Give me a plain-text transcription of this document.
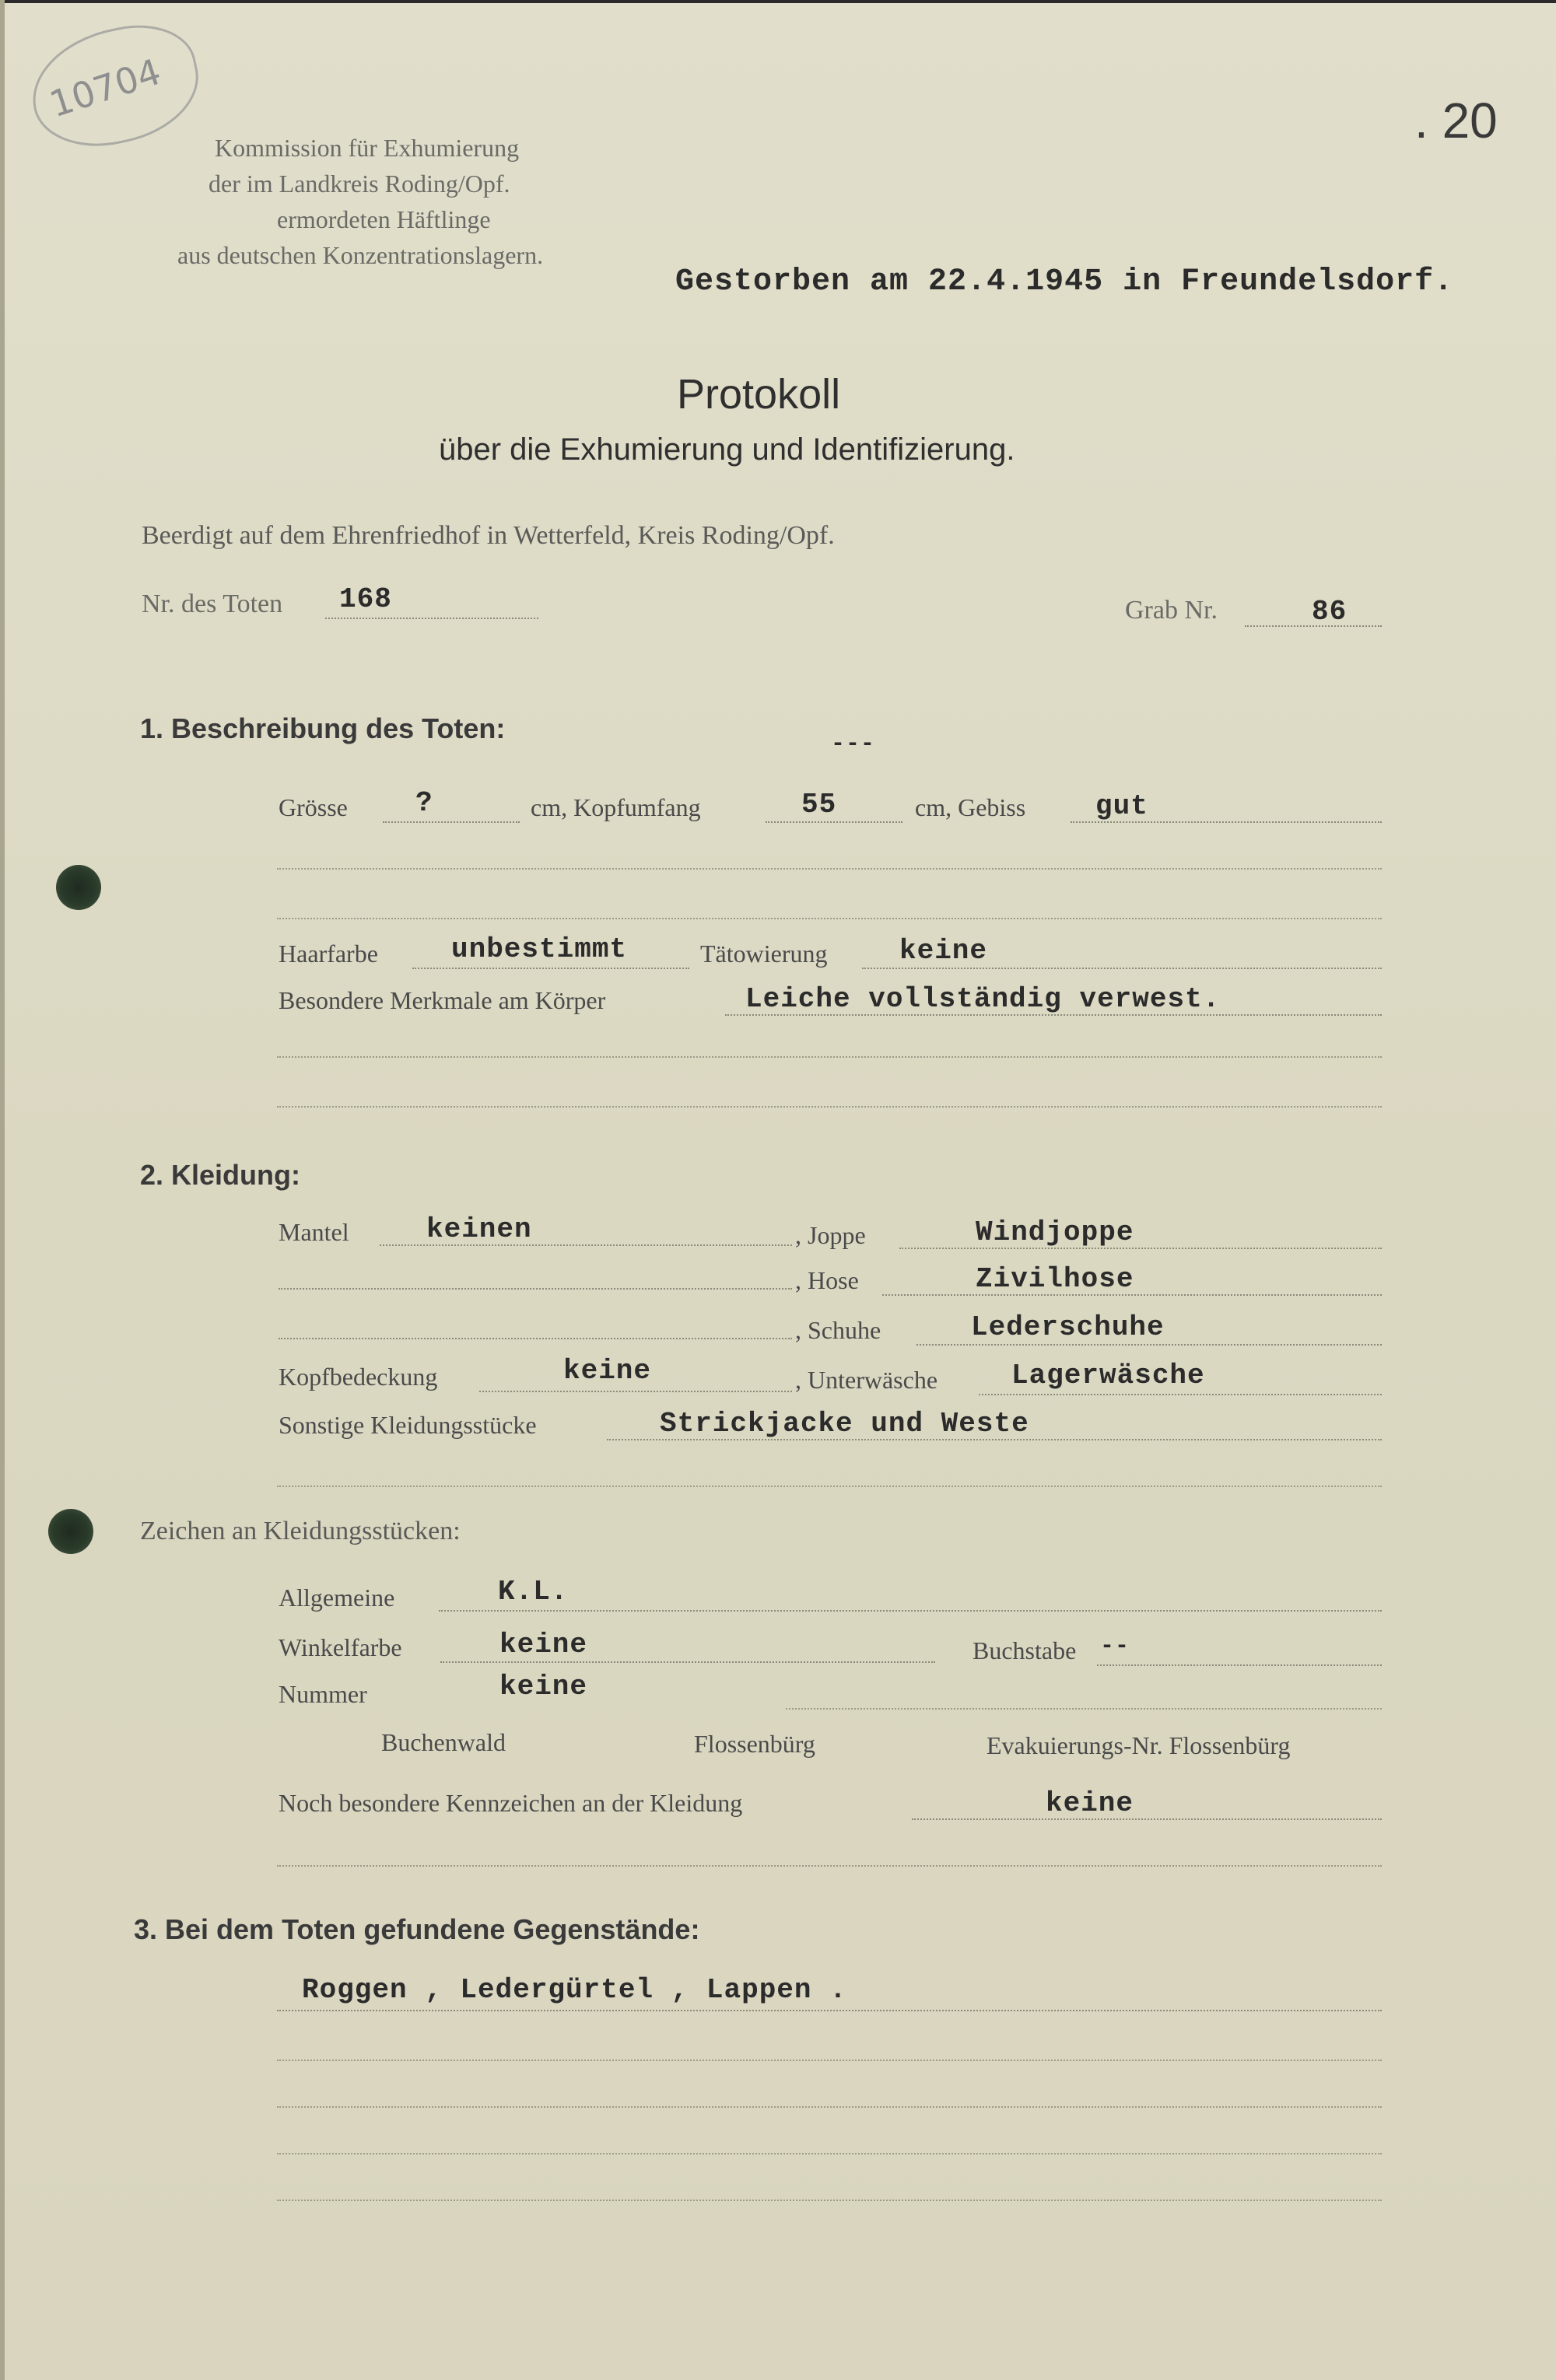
10704	. 20
Kommission für Exhumierung
der im Landkreis Roding/Opf.
ermordeten Häftlinge
aus deutschen Konzentrationslagern.
Gestorben am 22.4.1945 in Freundelsdorf.
Protokoll
über die Exhumierung und Identifizierung.
Beerdigt auf dem Ehrenfriedhof in Wetterfeld, Kreis Roding/Opf.
Nr. des Toten 168	Grab Nr.	86
1. Beschreibung des Toten:	---
Grösse ?	cm, Kopfumfang	55	cm, Gebiss gut
Haarfarbe	unbestimmt	Tätowierung	keine
Besondere Merkmale am Körper	Leiche vollständig verwest.
2. Kleidung:
Mantel	keinen	, Joppe	Windjoppe
, Hose	Zivilhose
, Schuhe	Lederschuhe
Kopfbedeckung	keine	, Unterwäsche	Lagerwäsche
Sonstige Kleidungsstücke	Strickjacke und Weste
Zeichen an Kleidungsstücken:
Allgemeine	K.L.
Winkelfarbe	keine	Buchstabe --
Nummer	keine
Buchenwald	Flossenbürg	Evakuierungs-Nr. Flossenbürg
Noch besondere Kennzeichen an der Kleidung	keine
3. Bei dem Toten gefundene Gegenstände:
Roggen , Ledergürtel , Lappen .
